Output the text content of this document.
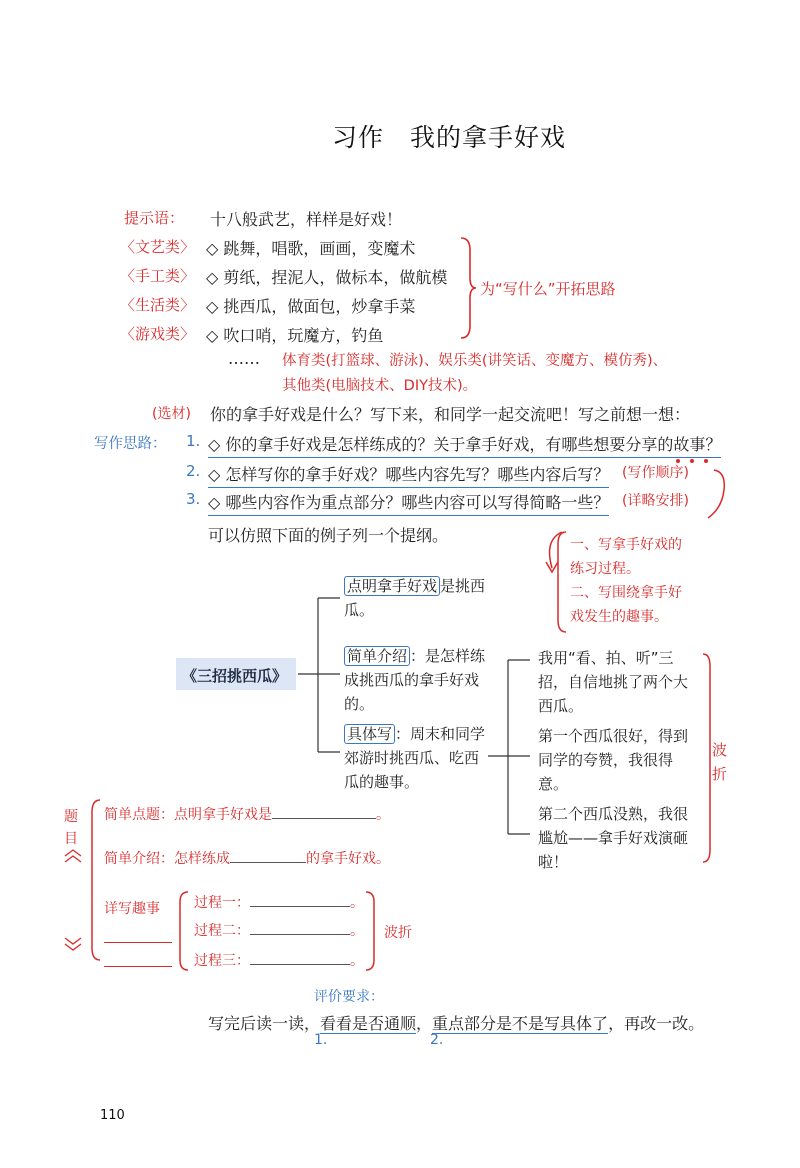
习作　我的拿手好戏
提示语： 十八般武艺，样样是好戏！
〈文艺类〉 ◇ 跳舞，唱歌，画画，变魔术
〈手工类〉 ◇ 剪纸，捏泥人，做标本，做航模
〈生活类〉 ◇ 挑西瓜，做面包，炒拿手菜
〈游戏类〉 ◇ 吹口哨，玩魔方，钓鱼
为“写什么”开拓思路
…… 体育类(打篮球、游泳)、娱乐类(讲笑话、变魔方、模仿秀)、
其他类(电脑技术、DIY技术)。
(选材) 你的拿手好戏是什么？写下来，和同学一起交流吧！写之前想一想：
写作思路： 1. ◇ 你的拿手好戏是怎样练成的？关于拿手好戏，有哪些想要分享的故事？
2. ◇ 怎样写你的拿手好戏？哪些内容先写？哪些内容后写？ (写作顺序)
3. ◇ 哪些内容作为重点部分？哪些内容可以写得简略一些？ (详略安排)
可以仿照下面的例子列一个提纲。	一、写拿手好戏的
练习过程。
二、写围绕拿手好
戏发生的趣事。
《三招挑西瓜》
点明拿手好戏 是挑西瓜。
简单介绍 ：是怎样练成挑西瓜的拿手好戏的。
具体写 ：周末和同学郊游时挑西瓜、吃西瓜的趣事。
我用“看、拍、听”三招，自信地挑了两个大西瓜。
第一个西瓜很好，得到同学的夸赞，我很得意。
第二个西瓜没熟，我很尴尬——拿手好戏演砸啦！
波折
题目
简单点题：点明拿手好戏是	。
简单介绍：怎样练成	的拿手好戏。
详写趣事 过程一：	。
过程二：	。
过程三：	。
波折
评价要求：
写完后读一读，看看是否通顺，重点部分是不是写具体了，再改一改。
1.	2.
110
